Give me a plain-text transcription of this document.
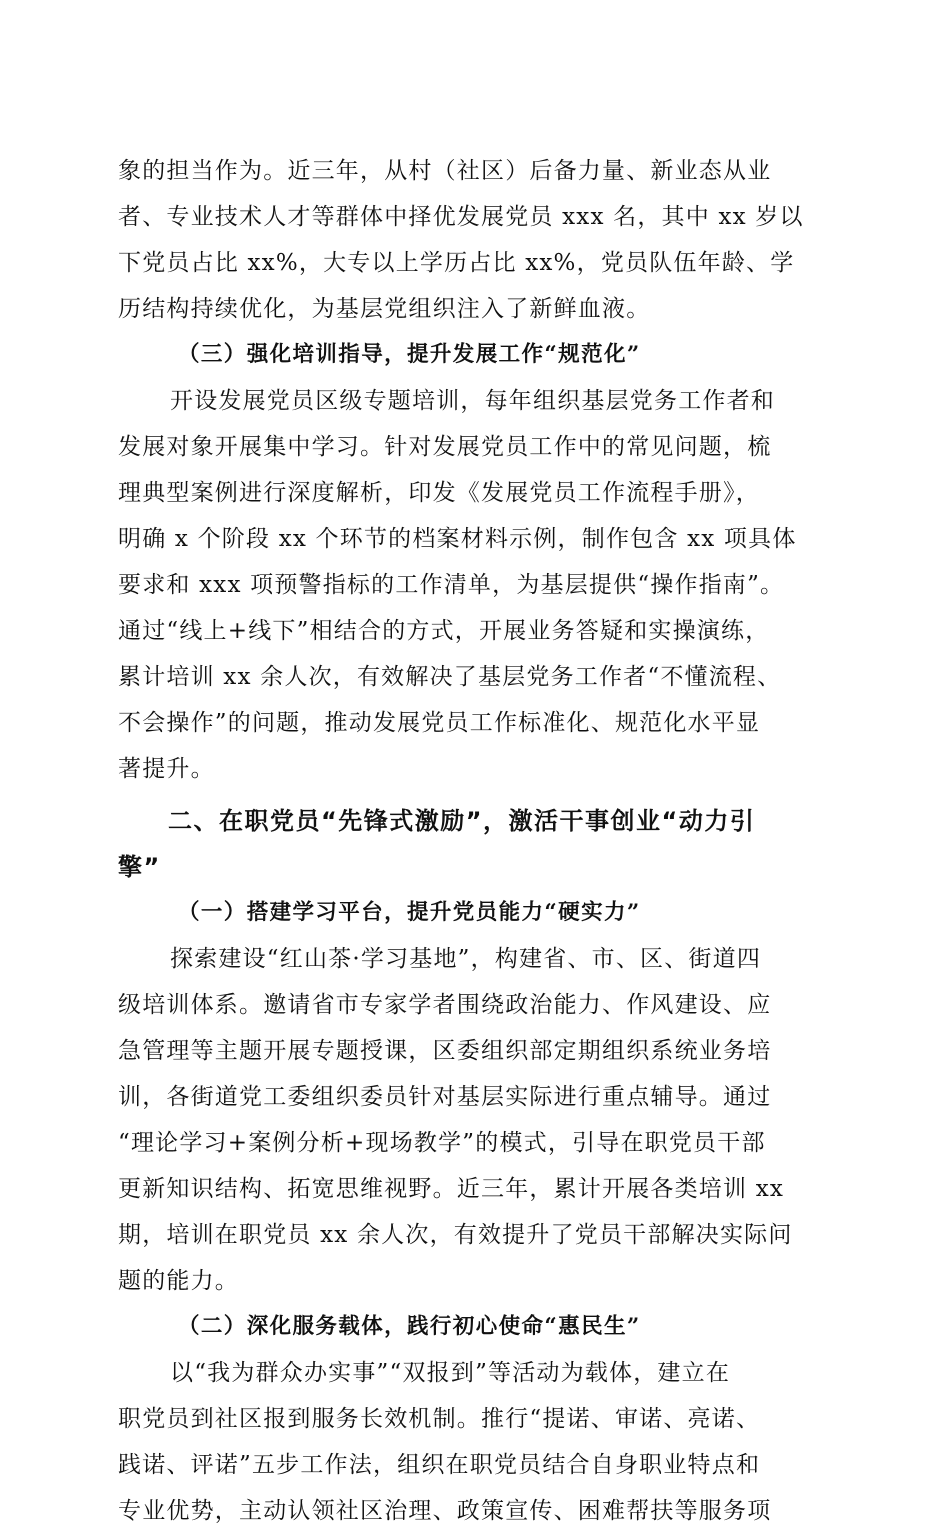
象的担当作为。近三年，从村（社区）后备力量、新业态从业
者、专业技术人才等群体中择优发展党员 xxx 名，其中 xx 岁以
下党员占比 xx%，大专以上学历占比 xx%，党员队伍年龄、学
历结构持续优化，为基层党组织注入了新鲜血液。
（三）强化培训指导，提升发展工作“规范化”
开设发展党员区级专题培训，每年组织基层党务工作者和
发展对象开展集中学习。针对发展党员工作中的常见问题，梳
理典型案例进行深度解析，印发《发展党员工作流程手册》，
明确 x 个阶段 xx 个环节的档案材料示例，制作包含 xx 项具体
要求和 xxx 项预警指标的工作清单，为基层提供“操作指南”。
通过“线上+线下”相结合的方式，开展业务答疑和实操演练，
累计培训 xx 余人次，有效解决了基层党务工作者“不懂流程、
不会操作”的问题，推动发展党员工作标准化、规范化水平显
著提升。
二、在职党员“先锋式激励”，激活干事创业“动力引
擎”
（一）搭建学习平台，提升党员能力“硬实力”
探索建设“红山茶·学习基地”，构建省、市、区、街道四
级培训体系。邀请省市专家学者围绕政治能力、作风建设、应
急管理等主题开展专题授课，区委组织部定期组织系统业务培
训，各街道党工委组织委员针对基层实际进行重点辅导。通过
“理论学习+案例分析+现场教学”的模式，引导在职党员干部
更新知识结构、拓宽思维视野。近三年，累计开展各类培训 xx
期，培训在职党员 xx 余人次，有效提升了党员干部解决实际问
题的能力。
（二）深化服务载体，践行初心使命“惠民生”
以“我为群众办实事”“双报到”等活动为载体，建立在
职党员到社区报到服务长效机制。推行“提诺、审诺、亮诺、
践诺、评诺”五步工作法，组织在职党员结合自身职业特点和
专业优势，主动认领社区治理、政策宣传、困难帮扶等服务项
